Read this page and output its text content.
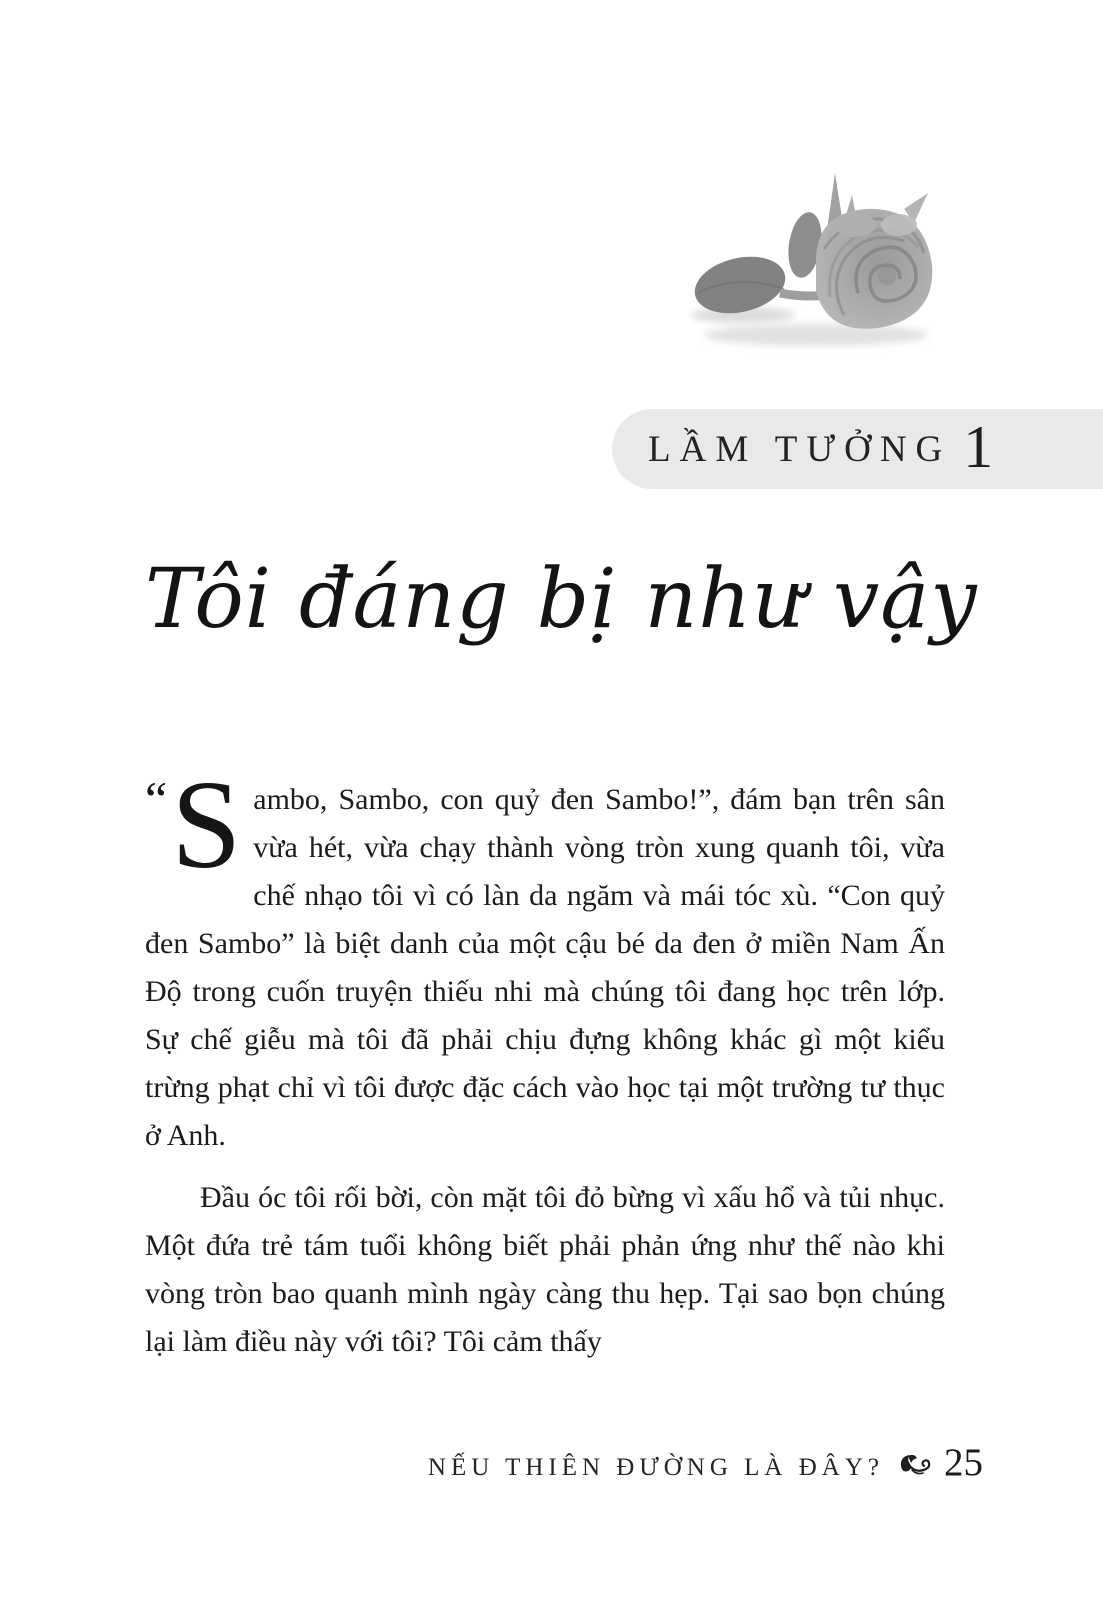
LẦM TƯỞNG 1
Tôi đáng bị như vậy

“ S ambo, Sambo, con quỷ đen Sambo!”, đám bạn trên sân vừa hét, vừa chạy thành vòng tròn xung quanh tôi, vừa chế nhạo tôi vì có làn da ngăm và mái tóc xù. “Con quỷ đen Sambo” là biệt danh của một cậu bé da đen ở miền Nam Ấn Độ trong cuốn truyện thiếu nhi mà chúng tôi đang học trên lớp. Sự chế giễu mà tôi đã phải chịu đựng không khác gì một kiểu trừng phạt chỉ vì tôi được đặc cách vào học tại một trường tư thục ở Anh.

Đầu óc tôi rối bời, còn mặt tôi đỏ bừng vì xấu hổ và tủi nhục. Một đứa trẻ tám tuổi không biết phải phản ứng như thế nào khi vòng tròn bao quanh mình ngày càng thu hẹp. Tại sao bọn chúng lại làm điều này với tôi? Tôi cảm thấy

NẾU THIÊN ĐƯỜNG LÀ ĐÂY? 25
